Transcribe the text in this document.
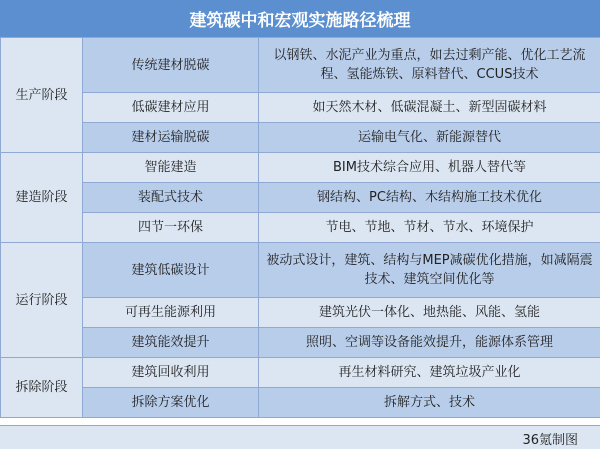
建筑碳中和宏观实施路径梳理
生产阶段	传统建材脱碳	以钢铁、水泥产业为重点，如去过剩产能、优化工艺流程、氢能炼铁、原料替代、CCUS技术
	低碳建材应用	如天然木材、低碳混凝土、新型固碳材料
	建材运输脱碳	运输电气化、新能源替代
建造阶段	智能建造	BIM技术综合应用、机器人替代等
	装配式技术	钢结构、PC结构、木结构施工技术优化
	四节一环保	节电、节地、节材、节水、环境保护
运行阶段	建筑低碳设计	被动式设计，建筑、结构与MEP减碳优化措施，如减隔震技术、建筑空间优化等
	可再生能源利用	建筑光伏一体化、地热能、风能、氢能
	建筑能效提升	照明、空调等设备能效提升，能源体系管理
拆除阶段	建筑回收利用	再生材料研究、建筑垃圾产业化
	拆除方案优化	拆解方式、技术
36氪制图
